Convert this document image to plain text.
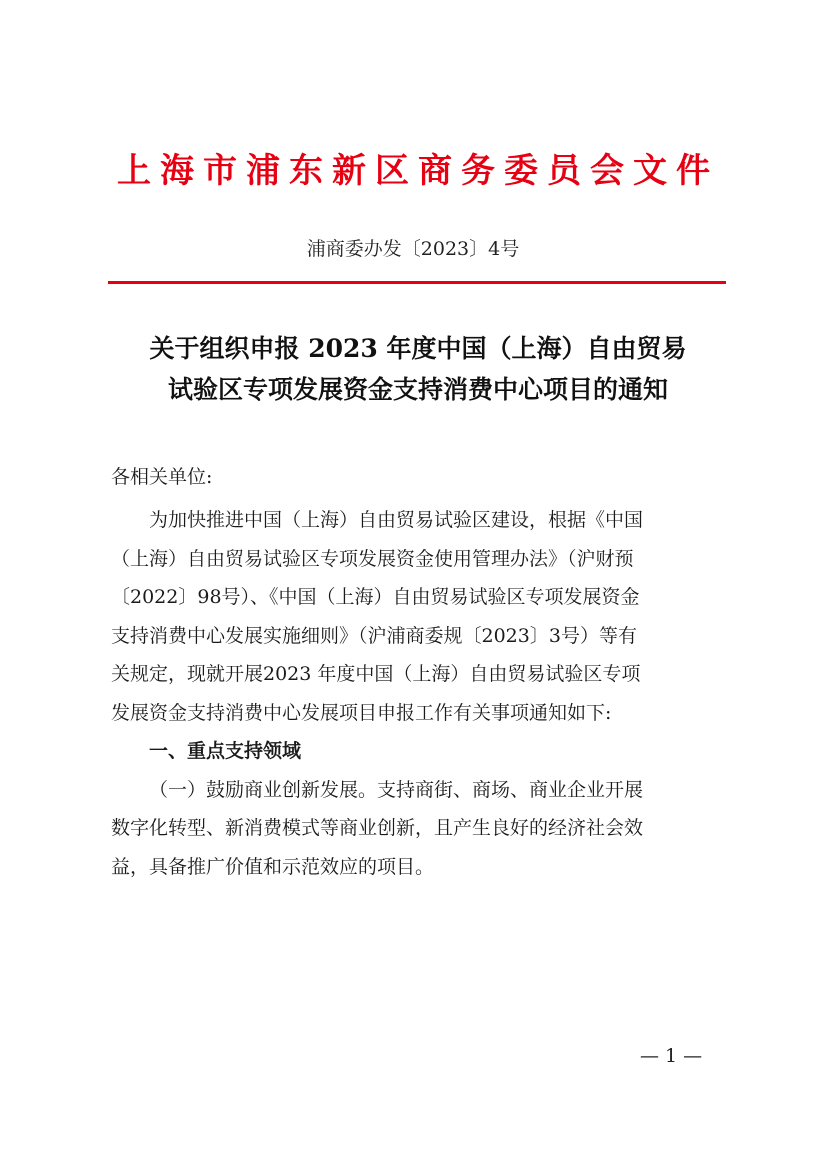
上海市浦东新区商务委员会文件
浦商委办发〔2023〕4号
关于组织申报 2023 年度中国（上海）自由贸易
试验区专项发展资金支持消费中心项目的通知
各相关单位:
为加快推进中国（上海）自由贸易试验区建设，根据《中国
（上海）自由贸易试验区专项发展资金使用管理办法》（沪财预
〔2022〕98号）、《中国（上海）自由贸易试验区专项发展资金
支持消费中心发展实施细则》（沪浦商委规〔2023〕3号）等有
关规定，现就开展2023 年度中国（上海）自由贸易试验区专项
发展资金支持消费中心发展项目申报工作有关事项通知如下:
一、重点支持领域
（一）鼓励商业创新发展。支持商街、商场、商业企业开展
数字化转型、新消费模式等商业创新，且产生良好的经济社会效
益，具备推广价值和示范效应的项目。
— 1 —
